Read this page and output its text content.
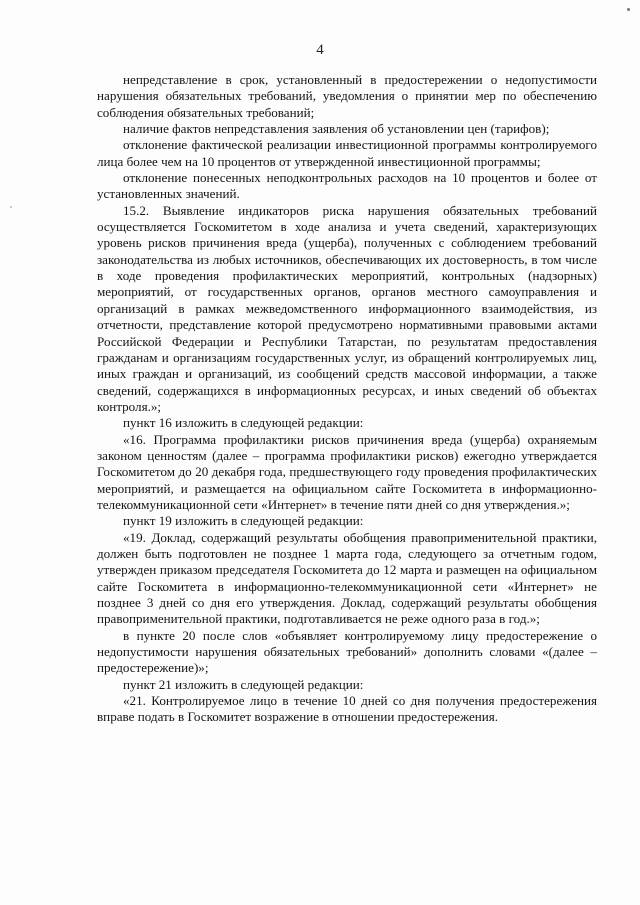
4

непредставление в срок, установленный в предостережении о недопустимости нарушения обязательных требований, уведомления о принятии мер по обеспечению соблюдения обязательных требований;

наличие фактов непредставления заявления об установлении цен (тарифов);

отклонение фактической реализации инвестиционной программы контролируемого лица более чем на 10 процентов от утвержденной инвестиционной программы;

отклонение понесенных неподконтрольных расходов на 10 процентов и более от установленных значений.

15.2. Выявление индикаторов риска нарушения обязательных требований осуществляется Госкомитетом в ходе анализа и учета сведений, характеризующих уровень рисков причинения вреда (ущерба), полученных с соблюдением требований законодательства из любых источников, обеспечивающих их достоверность, в том числе в ходе проведения профилактических мероприятий, контрольных (надзорных) мероприятий, от государственных органов, органов местного самоуправления и организаций в рамках межведомственного информационного взаимодействия, из отчетности, представление которой предусмотрено нормативными правовыми актами Российской Федерации и Республики Татарстан, по результатам предоставления гражданам и организациям государственных услуг, из обращений контролируемых лиц, иных граждан и организаций, из сообщений средств массовой информации, а также сведений, содержащихся в информационных ресурсах, и иных сведений об объектах контроля.»;

пункт 16 изложить в следующей редакции:

«16. Программа профилактики рисков причинения вреда (ущерба) охраняемым законом ценностям (далее – программа профилактики рисков) ежегодно утверждается Госкомитетом до 20 декабря года, предшествующего году проведения профилактических мероприятий, и размещается на официальном сайте Госкомитета в информационно-телекоммуникационной сети «Интернет» в течение пяти дней со дня утверждения.»;

пункт 19 изложить в следующей редакции:

«19. Доклад, содержащий результаты обобщения правоприменительной практики, должен быть подготовлен не позднее 1 марта года, следующего за отчетным годом, утвержден приказом председателя Госкомитета до 12 марта и размещен на официальном сайте Госкомитета в информационно-телекоммуникационной сети «Интернет» не позднее 3 дней со дня его утверждения. Доклад, содержащий результаты обобщения правоприменительной практики, подготавливается не реже одного раза в год.»;

в пункте 20 после слов «объявляет контролируемому лицу предостережение о недопустимости нарушения обязательных требований» дополнить словами «(далее – предостережение)»;

пункт 21 изложить в следующей редакции:

«21. Контролируемое лицо в течение 10 дней со дня получения предостережения вправе подать в Госкомитет возражение в отношении предостережения.
